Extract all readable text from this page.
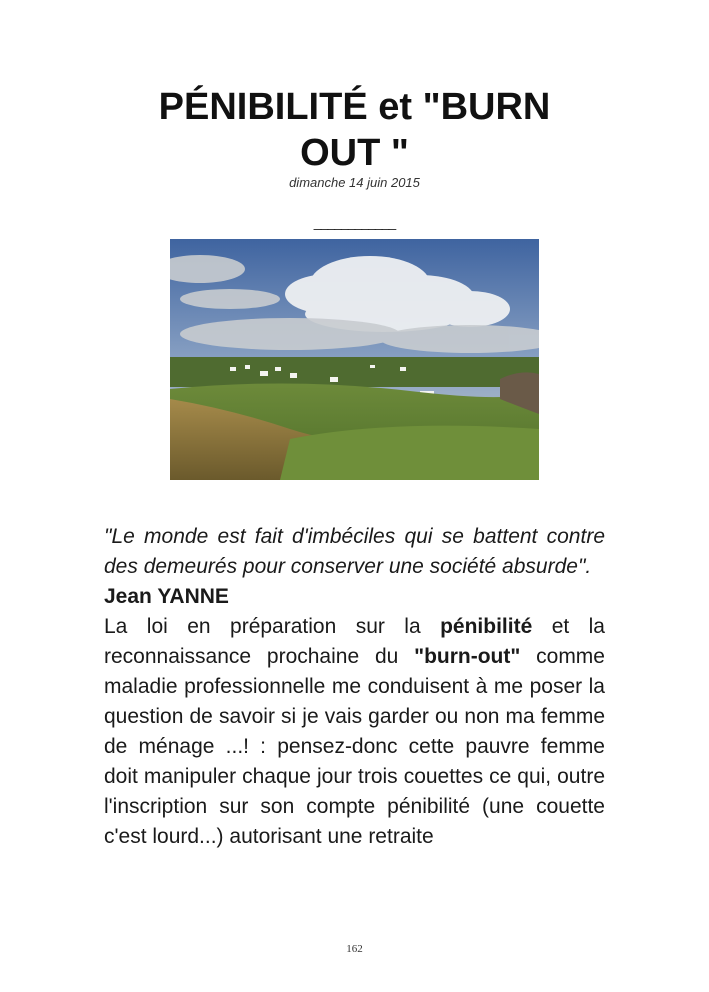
PÉNIBILITÉ et "BURN
OUT "
dimanche 14 juin 2015
____________

"Le monde est fait d'imbéciles qui se battent contre des demeurés pour conserver une société absurde".

Jean YANNE

La loi en préparation sur la pénibilité et la reconnaissance prochaine du "burn-out" comme maladie professionnelle me conduisent à me poser la question de savoir si je vais garder ou non ma femme de ménage ...! : pensez-donc cette pauvre femme doit manipuler chaque jour trois couettes ce qui, outre l'inscription sur son compte pénibilité (une couette c'est lourd...) autorisant une retraite

162
